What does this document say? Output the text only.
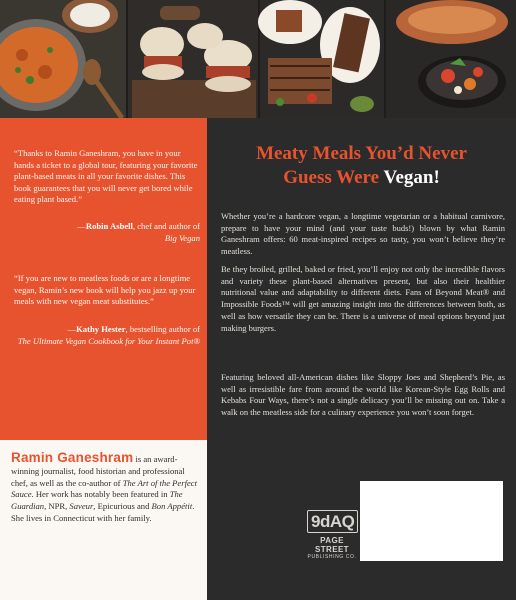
“Thanks to Ramin Ganeshram, you have in your hands a ticket to a global tour, featuring your favorite plant-based meats in all your favorite dishes. This book guarantees that you will never get bored while eating plant based.”

—Robin Asbell, chef and author of
Big Vegan

“If you are new to meatless foods or are a longtime vegan, Ramin’s new book will help you jazz up your meals with new vegan meat substitutes.”

—Kathy Hester, bestselling author of
The Ultimate Vegan Cookbook for Your Instant Pot®

Ramin Ganeshram is an award-winning journalist, food historian and professional chef, as well as the co-author of The Art of the Perfect Sauce. Her work has notably been featured in The Guardian, NPR, Saveur, Epicurious and Bon Appétit. She lives in Connecticut with her family.

Meaty Meals You’d Never
Guess Were Vegan!

Whether you’re a hardcore vegan, a longtime vegetarian or a habitual carnivore, prepare to have your mind (and your taste buds!) blown by what Ramin Ganeshram offers: 60 meat-inspired recipes so tasty, you won’t believe they’re meatless.

Be they broiled, grilled, baked or fried, you’ll enjoy not only the incredible flavors and variety these plant-based alternatives present, but also their healthier nutritional value and adaptability to different diets. Fans of Beyond Meat® and Impossible Foods™ will get amazing insight into the differences between both, as well as how versatile they can be. There is a universe of meal options beyond just making burgers.

Featuring beloved all-American dishes like Sloppy Joes and Shepherd’s Pie, as well as irresistible fare from around the world like Korean-Style Egg Rolls and Kebabs Four Ways, there’s not a single delicacy you’ll be missing out on. Take a walk on the meatless side for a culinary experience you won’t soon forget.

9dAQ
PAGE STREET
PUBLISHING CO.
